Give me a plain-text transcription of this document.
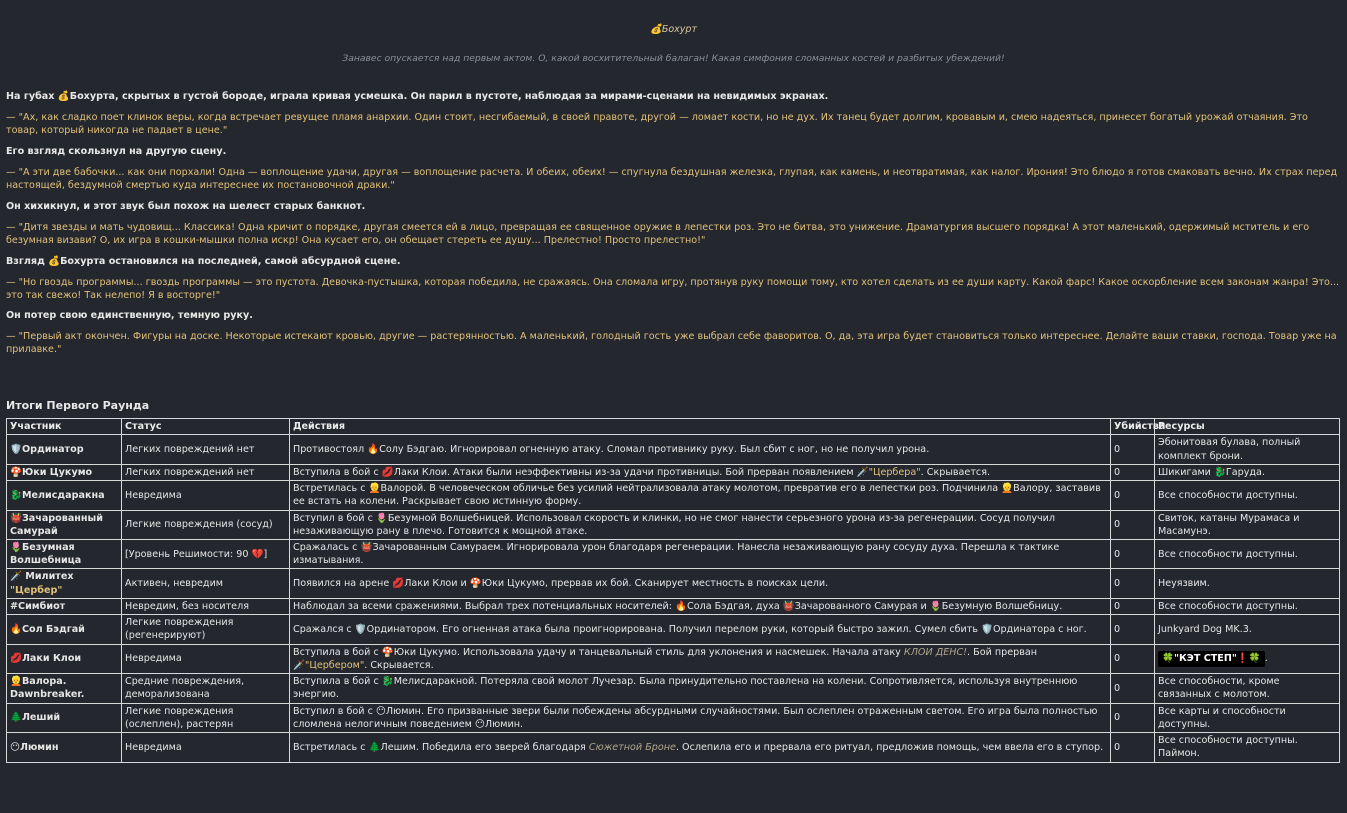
💰Бохурт
Занавес опускается над первым актом. О, какой восхитительный балаган! Какая симфония сломанных костей и разбитых убеждений!

На губах 💰Бохурта, скрытых в густой бороде, играла кривая усмешка. Он парил в пустоте, наблюдая за мирами-сценами на невидимых экранах.

— "Ах, как сладко поет клинок веры, когда встречает ревущее пламя анархии. Один стоит, несгибаемый, в своей правоте, другой — ломает кости, но не дух. Их танец будет долгим, кровавым и, смею надеяться, принесет богатый урожай отчаяния. Это товар, который никогда не падает в цене."

Его взгляд скользнул на другую сцену.

— "А эти две бабочки... как они порхали! Одна — воплощение удачи, другая — воплощение расчета. И обеих, обеих! — спугнула бездушная железка, глупая, как камень, и неотвратимая, как налог. Ирония! Это блюдо я готов смаковать вечно. Их страх перед настоящей, бездумной смертью куда интереснее их постановочной драки."

Он хихикнул, и этот звук был похож на шелест старых банкнот.

— "Дитя звезды и мать чудовищ... Классика! Одна кричит о порядке, другая смеется ей в лицо, превращая ее священное оружие в лепестки роз. Это не битва, это унижение. Драматургия высшего порядка! А этот маленький, одержимый мститель и его безумная визави? О, их игра в кошки-мышки полна искр! Она кусает его, он обещает стереть ее душу... Прелестно! Просто прелестно!"

Взгляд 💰Бохурта остановился на последней, самой абсурдной сцене.

— "Но гвоздь программы... гвоздь программы — это пустота. Девочка-пустышка, которая победила, не сражаясь. Она сломала игру, протянув руку помощи тому, кто хотел сделать из ее души карту. Какой фарс! Какое оскорбление всем законам жанра! Это... это так свежо! Так нелепо! Я в восторге!"

Он потер свою единственную, темную руку.

— "Первый акт окончен. Фигуры на доске. Некоторые истекают кровью, другие — растерянностью. А маленький, голодный гость уже выбрал себе фаворитов. О, да, эта игра будет становиться только интереснее. Делайте ваши ставки, господа. Товар уже на прилавке."

Итоги Первого Раунда
Участник	Статус	Действия	Убийства	Ресурсы
🛡️Ординатор	Легких повреждений нет	Противостоял 🔥Солу Бэдгаю. Игнорировал огненную атаку. Сломал противнику руку. Был сбит с ног, но не получил урона.	0	Эбонитовая булава, полный комплект брони.
🍄Юки Цукумо	Легких повреждений нет	Вступила в бой с 💋Лаки Клои. Атаки были неэффективны из-за удачи противницы. Бой прерван появлением 🗡️"Цербера". Скрывается.	0	Шикигами 🐉Гаруда.
🐉Мелисдаракна	Невредима	Встретилась с 👱Валорой. В человеческом обличье без усилий нейтрализовала атаку молотом, превратив его в лепестки роз. Подчинила 👱Валору, заставив ее встать на колени. Раскрывает свою истинную форму.	0	Все способности доступны.
👹Зачарованный Самурай	Легкие повреждения (сосуд)	Вступил в бой с 🌷Безумной Волшебницей. Использовал скорость и клинки, но не смог нанести серьезного урона из-за регенерации. Сосуд получил незаживающую рану в плечо. Готовится к мощной атаке.	0	Свиток, катаны Мурамаса и Масамунэ.
🌷Безумная Волшебница	[Уровень Решимости: 90 💔]	Сражалась с 👹Зачарованным Самураем. Игнорировала урон благодаря регенерации. Нанесла незаживающую рану сосуду духа. Перешла к тактике изматывания.	0	Все способности доступны.
🗡️ Милитех "Цербер"	Активен, невредим	Появился на арене 💋Лаки Клои и 🍄Юки Цукумо, прервав их бой. Сканирует местность в поисках цели.	0	Неуязвим.
#Симбиот	Невредим, без носителя	Наблюдал за всеми сражениями. Выбрал трех потенциальных носителей: 🔥Сола Бэдгая, духа 👹Зачарованного Самурая и 🌷Безумную Волшебницу.	0	Все способности доступны.
🔥Сол Бэдгай	Легкие повреждения (регенерируют)	Сражался с 🛡️Ординатором. Его огненная атака была проигнорирована. Получил перелом руки, который быстро зажил. Сумел сбить 🛡️Ординатора с ног.	0	Junkyard Dog MK.3.
💋Лаки Клои	Невредима	Вступила в бой с 🍄Юки Цукумо. Использовала удачу и танцевальный стиль для уклонения и насмешек. Начала атаку КЛОИ ДЕНС!. Бой прерван 🗡️"Цербером". Скрывается.	0	🍀"КЭТ СТЕП"❗🍀 .
👱Валора. Dawnbreaker.	Средние повреждения, деморализована	Вступила в бой с 🐉Мелисдаракной. Потеряла свой молот Лучезар. Была принудительно поставлена на колени. Сопротивляется, используя внутреннюю энергию.	0	Все способности, кроме связанных с молотом.
🌲Леший	Легкие повреждения (ослеплен), растерян	Вступил в бой с 😶Люмин. Его призванные звери были побеждены абсурдными случайностями. Был ослеплен отраженным светом. Его игра была полностью сломлена нелогичным поведением 😶Люмин.	0	Все карты и способности доступны.
😶Люмин	Невредима	Встретилась с 🌲Лешим. Победила его зверей благодаря Сюжетной Броне. Ослепила его и прервала его ритуал, предложив помощь, чем ввела его в ступор.	0	Все способности доступны. Паймон.
